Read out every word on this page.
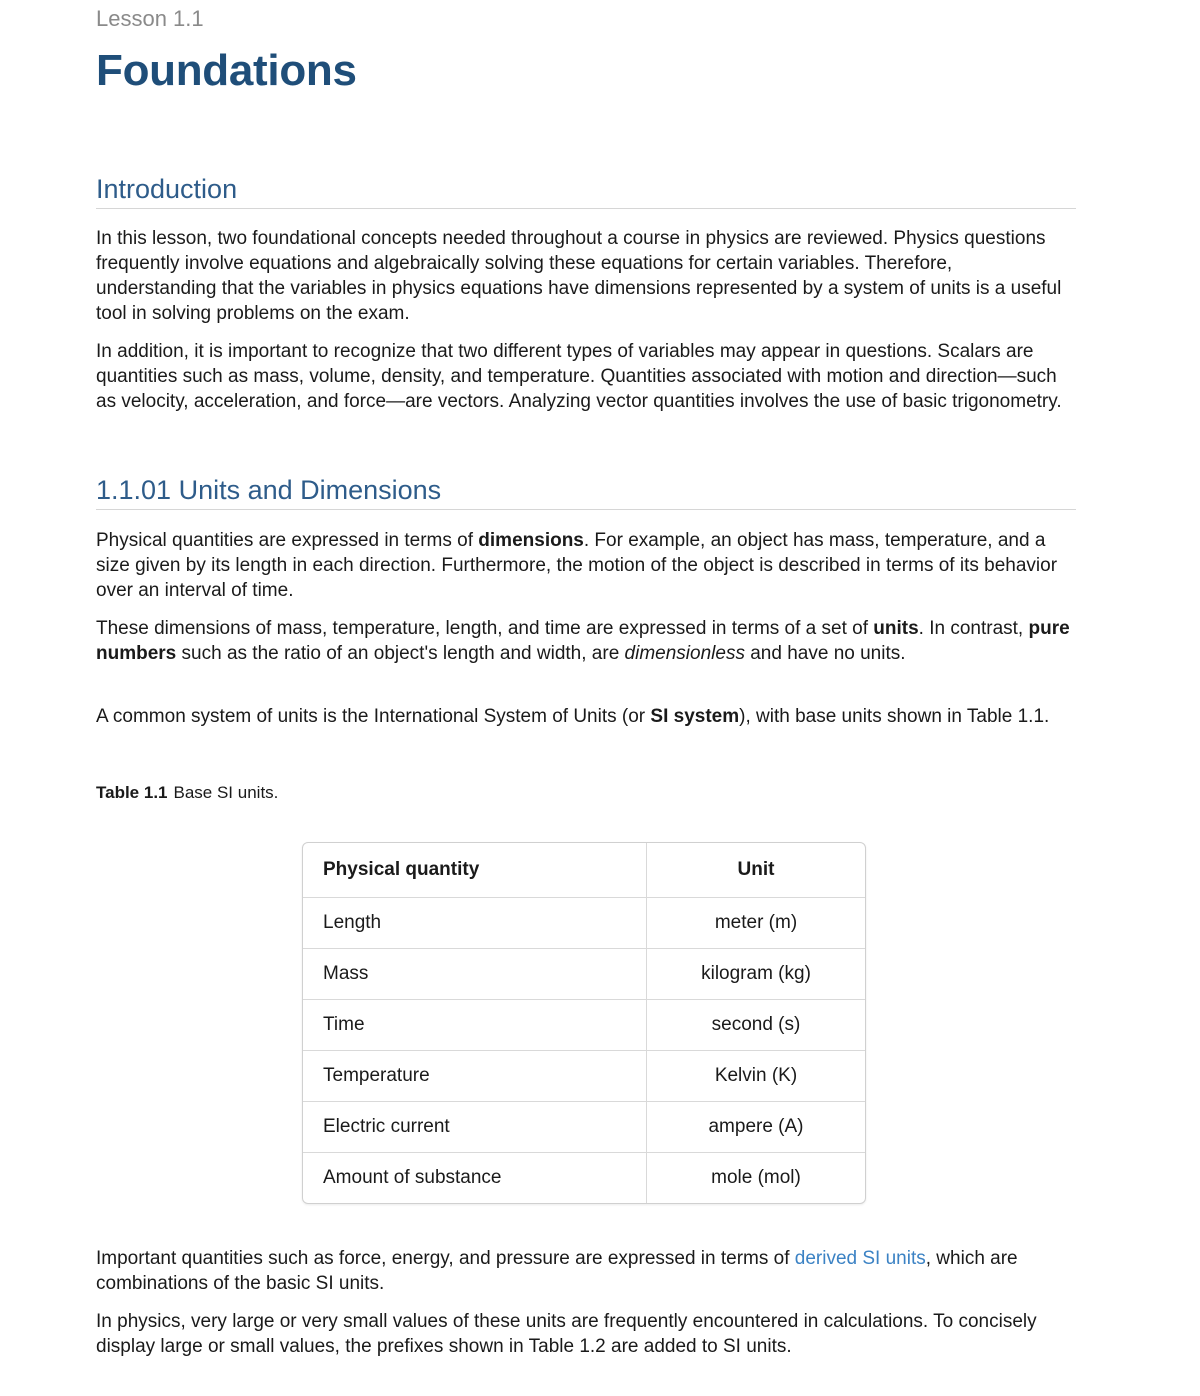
Lesson 1.1
Foundations
Introduction

In this lesson, two foundational concepts needed throughout a course in physics are reviewed. Physics questions frequently involve equations and algebraically solving these equations for certain variables. Therefore, understanding that the variables in physics equations have dimensions represented by a system of units is a useful tool in solving problems on the exam.

In addition, it is important to recognize that two different types of variables may appear in questions. Scalars are quantities such as mass, volume, density, and temperature. Quantities associated with motion and direction—such as velocity, acceleration, and force—are vectors. Analyzing vector quantities involves the use of basic trigonometry.

1.1.01 Units and Dimensions

Physical quantities are expressed in terms of dimensions. For example, an object has mass, temperature, and a size given by its length in each direction. Furthermore, the motion of the object is described in terms of its behavior over an interval of time.

These dimensions of mass, temperature, length, and time are expressed in terms of a set of units. In contrast, pure numbers such as the ratio of an object's length and width, are dimensionless and have no units.

A common system of units is the International System of Units (or SI system), with base units shown in Table 1.1.

Table 1.1 Base SI units.
Physical quantity	Unit
Length	meter (m)
Mass	kilogram (kg)
Time	second (s)
Temperature	Kelvin (K)
Electric current	ampere (A)
Amount of substance	mole (mol)

Important quantities such as force, energy, and pressure are expressed in terms of derived SI units, which are combinations of the basic SI units.

In physics, very large or very small values of these units are frequently encountered in calculations. To concisely display large or small values, the prefixes shown in Table 1.2 are added to SI units.
